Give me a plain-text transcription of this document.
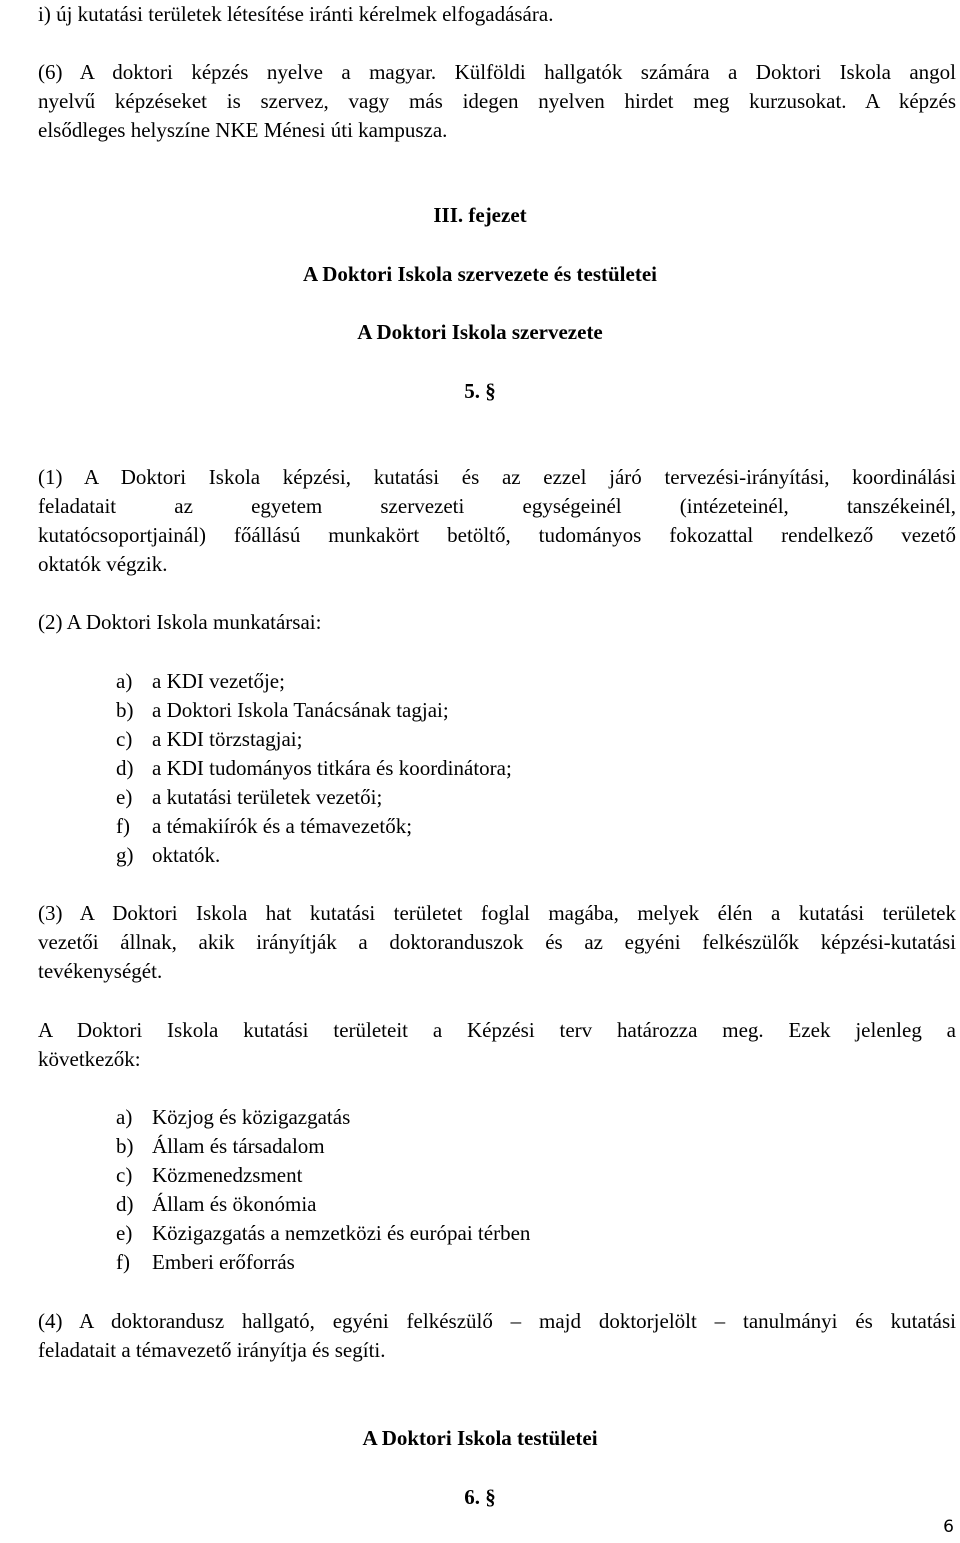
i) új kutatási területek létesítése iránti kérelmek elfogadására.
(6) A doktori képzés nyelve a magyar. Külföldi hallgatók számára a Doktori Iskola angol
nyelvű képzéseket is szervez, vagy más idegen nyelven hirdet meg kurzusokat. A képzés
elsődleges helyszíne NKE Ménesi úti kampusza.
III. fejezet
A Doktori Iskola szervezete és testületei
A Doktori Iskola szervezete
5. §
(1) A Doktori Iskola képzési, kutatási és az ezzel járó tervezési-irányítási, koordinálási
feladatait az egyetem szervezeti egységeinél (intézeteinél, tanszékeinél,
kutatócsoportjainál) főállású munkakört betöltő, tudományos fokozattal rendelkező vezető
oktatók végzik.
(2) A Doktori Iskola munkatársai:
a) a KDI vezetője;
b) a Doktori Iskola Tanácsának tagjai;
c) a KDI törzstagjai;
d) a KDI tudományos titkára és koordinátora;
e) a kutatási területek vezetői;
f) a témakiírók és a témavezetők;
g) oktatók.
(3) A Doktori Iskola hat kutatási területet foglal magába, melyek élén a kutatási területek
vezetői állnak, akik irányítják a doktoranduszok és az egyéni felkészülők képzési-kutatási
tevékenységét.
A Doktori Iskola kutatási területeit a Képzési terv határozza meg. Ezek jelenleg a
következők:
a) Közjog és közigazgatás
b) Állam és társadalom
c) Közmenedzsment
d) Állam és ökonómia
e) Közigazgatás a nemzetközi és európai térben
f) Emberi erőforrás
(4) A doktorandusz hallgató, egyéni felkészülő – majd doktorjelölt – tanulmányi és kutatási
feladatait a témavezető irányítja és segíti.
A Doktori Iskola testületei
6. §
6
